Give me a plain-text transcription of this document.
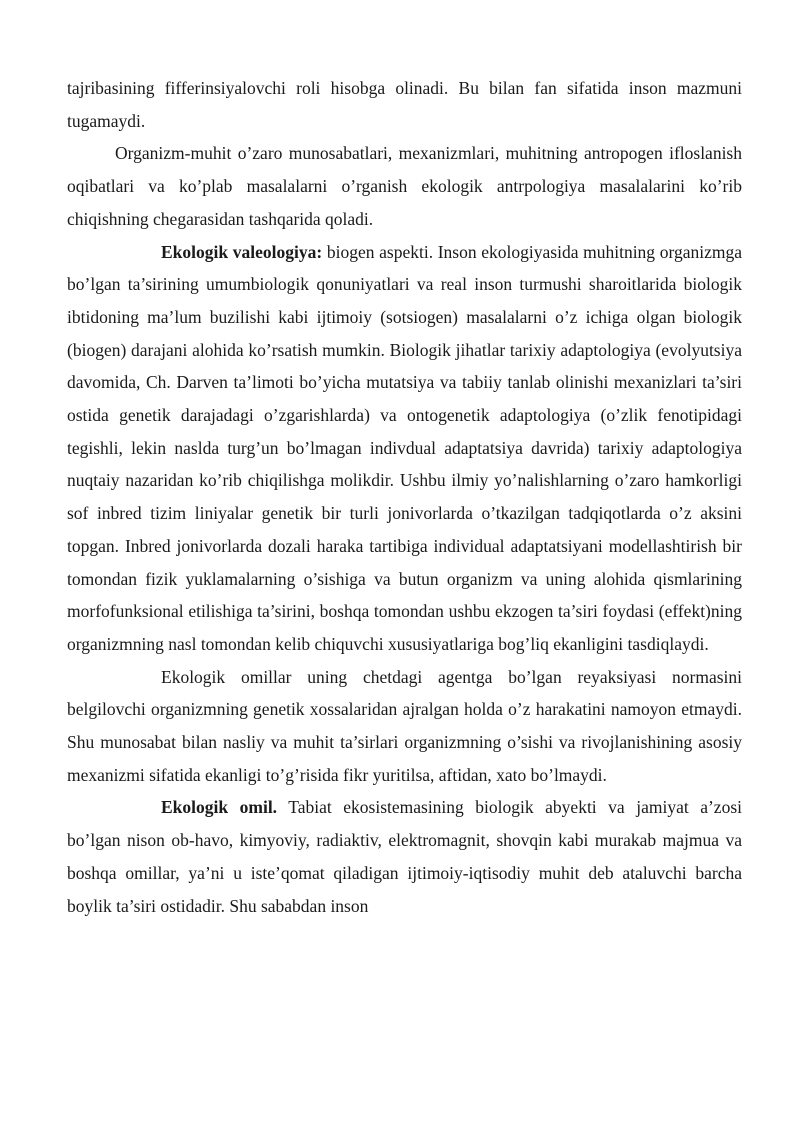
tajribasining fifferinsiyalovchi roli hisobga olinadi. Bu bilan fan sifatida inson mazmuni tugamaydi.

Organizm-muhit o’zaro munosabatlari, mexanizmlari, muhitning antropogen ifloslanish oqibatlari va ko’plab masalalarni o’rganish ekologik antrpologiya masalalarini ko’rib chiqishning chegarasidan tashqarida qoladi.

Ekologik valeologiya: biogen aspekti. Inson ekologiyasida muhitning organizmga bo’lgan ta’sirining umumbiologik qonuniyatlari va real inson turmushi sharoitlarida biologik ibtidoning ma’lum buzilishi kabi ijtimoiy (sotsiogen) masalalarni o’z ichiga olgan biologik (biogen) darajani alohida ko’rsatish mumkin. Biologik jihatlar tarixiy adaptologiya (evolyutsiya davomida, Ch. Darven ta’limoti bo’yicha mutatsiya va tabiiy tanlab olinishi mexanizlari ta’siri ostida genetik darajadagi o’zgarishlarda) va ontogenetik adaptologiya (o’zlik fenotipidagi tegishli, lekin naslda turg’un bo’lmagan indivdual adaptatsiya davrida) tarixiy adaptologiya nuqtaiy nazaridan ko’rib chiqilishga molikdir. Ushbu ilmiy yo’nalishlarning o’zaro hamkorligi sof inbred tizim liniyalar genetik bir turli jonivorlarda o’tkazilgan tadqiqotlarda o’z aksini topgan. Inbred jonivorlarda dozali haraka tartibiga individual adaptatsiyani modellashtirish bir tomondan fizik yuklamalarning o’sishiga va butun organizm va uning alohida qismlarining morfofunksional etilishiga ta’sirini, boshqa tomondan ushbu ekzogen ta’siri foydasi (effekt)ning organizmning nasl tomondan kelib chiquvchi xususiyatlariga bog’liq ekanligini tasdiqlaydi.

Ekologik omillar uning chetdagi agentga bo’lgan reyaksiyasi normasini belgilovchi organizmning genetik xossalaridan ajralgan holda o’z harakatini namoyon etmaydi. Shu munosabat bilan nasliy va muhit ta’sirlari organizmning o’sishi va rivojlanishining asosiy mexanizmi sifatida ekanligi to’g’risida fikr yuritilsa, aftidan, xato bo’lmaydi.

Ekologik omil. Tabiat ekosistemasining biologik abyekti va jamiyat a’zosi bo’lgan nison ob-havo, kimyoviy, radiaktiv, elektromagnit, shovqin kabi murakab majmua va boshqa omillar, ya’ni u iste’qomat qiladigan ijtimoiy-iqtisodiy muhit deb ataluvchi barcha boylik ta’siri ostidadir. Shu sababdan inson
